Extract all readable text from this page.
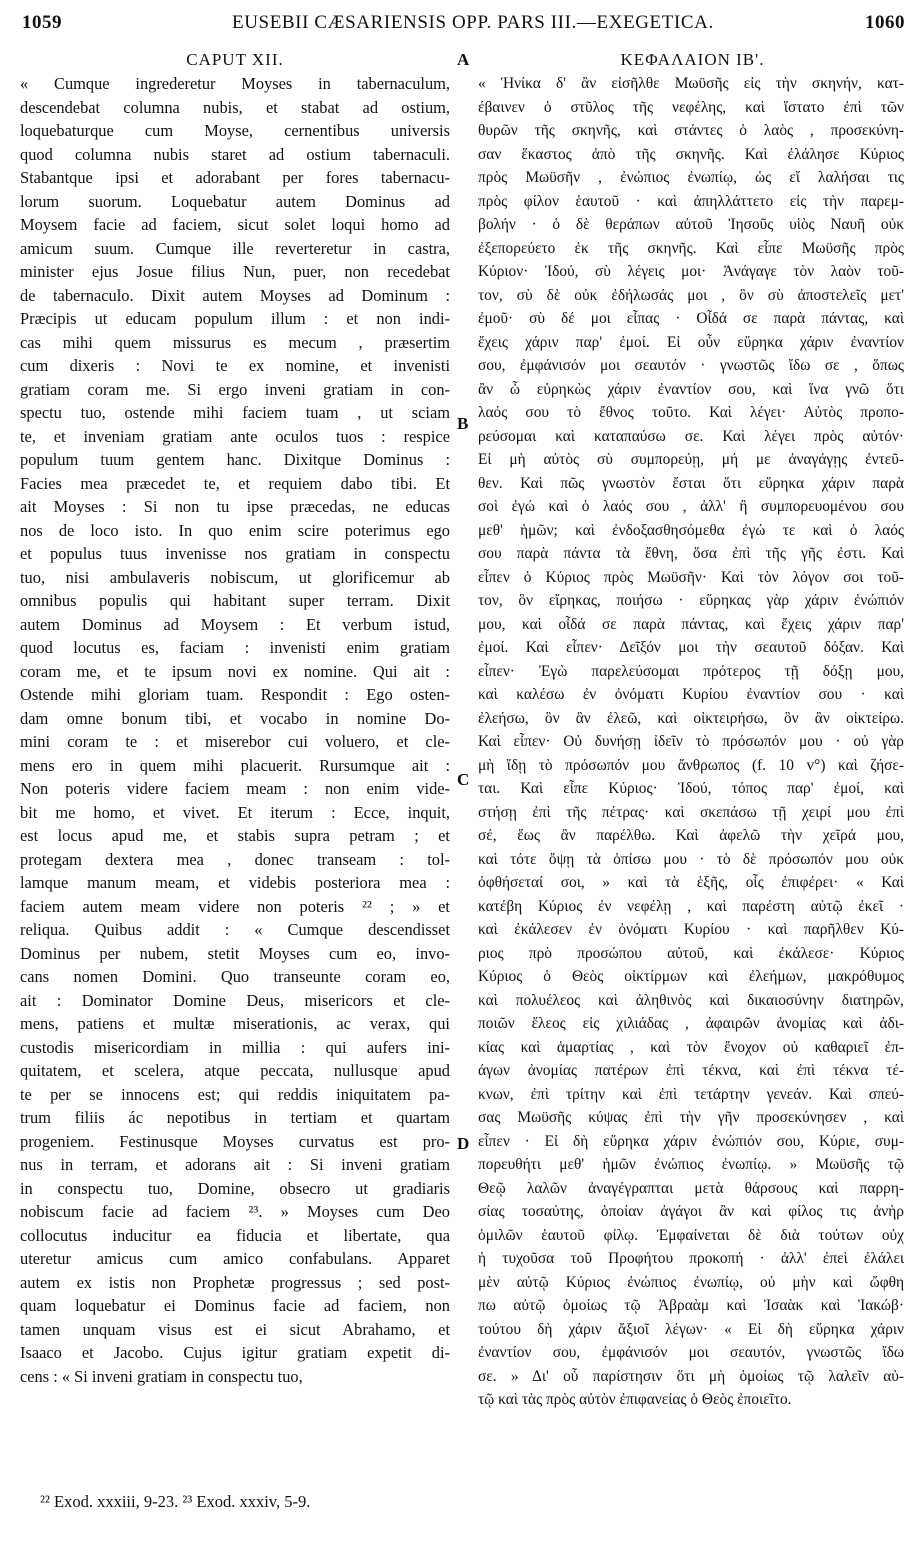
1059	EUSEBII CÆSARIENSIS OPP. PARS III.—EXEGETICA.	1060
CAPUT XII.	ΚΕΦΑΛΑΙΟΝ ΙΒ'.
A
B
C
D
« Cumque ingrederetur Moyses in tabernaculum,
descendebat columna nubis, et stabat ad ostium,
loquebaturque cum Moyse, cernentibus universis
quod columna nubis staret ad ostium tabernaculi.
Stabantque ipsi et adorabant per fores tabernacu-
lorum suorum. Loquebatur autem Dominus ad
Moysem facie ad faciem, sicut solet loqui homo ad
amicum suum. Cumque ille reverteretur in castra,
minister ejus Josue filius Nun, puer, non recedebat
de tabernaculo. Dixit autem Moyses ad Dominum :
Præcipis ut educam populum illum : et non indi-
cas mihi quem missurus es mecum , præsertim
cum dixeris : Novi te ex nomine, et invenisti
gratiam coram me. Si ergo inveni gratiam in con-
spectu tuo, ostende mihi faciem tuam , ut sciam
te, et inveniam gratiam ante oculos tuos : respice
populum tuum gentem hanc. Dixitque Dominus :
Facies mea præcedet te, et requiem dabo tibi. Et
ait Moyses : Si non tu ipse præcedas, ne educas
nos de loco isto. In quo enim scire poterimus ego
et populus tuus invenisse nos gratiam in conspectu
tuo, nisi ambulaveris nobiscum, ut glorificemur ab
omnibus populis qui habitant super terram. Dixit
autem Dominus ad Moysem : Et verbum istud,
quod locutus es, faciam : invenisti enim gratiam
coram me, et te ipsum novi ex nomine. Qui ait :
Ostende mihi gloriam tuam. Respondit : Ego osten-
dam omne bonum tibi, et vocabo in nomine Do-
mini coram te : et miserebor cui voluero, et cle-
mens ero in quem mihi placuerit. Rursumque ait :
Non poteris videre faciem meam : non enim vide-
bit me homo, et vivet. Et iterum : Ecce, inquit,
est locus apud me, et stabis supra petram ; et
protegam dextera mea , donec transeam : tol-
lamque manum meam, et videbis posteriora mea :
faciem autem meam videre non poteris ²² ; » et
reliqua. Quibus addit : « Cumque descendisset
Dominus per nubem, stetit Moyses cum eo, invo-
cans nomen Domini. Quo transeunte coram eo,
ait : Dominator Domine Deus, misericors et cle-
mens, patiens et multæ miserationis, ac verax, qui
custodis misericordiam in millia : qui aufers ini-
quitatem, et scelera, atque peccata, nullusque apud
te per se innocens est; qui reddis iniquitatem pa-
trum filiis ác nepotibus in tertiam et quartam
progeniem. Festinusque Moyses curvatus est pro-
nus in terram, et adorans ait : Si inveni gratiam
in conspectu tuo, Domine, obsecro ut gradiaris
nobiscum facie ad faciem ²³. » Moyses cum Deo
collocutus inducitur ea fiducia et libertate, qua
uteretur amicus cum amico confabulans. Apparet
autem ex istis non Prophetæ progressus ; sed post-
quam loquebatur ei Dominus facie ad faciem, non
tamen unquam visus est ei sicut Abrahamo, et
Isaaco et Jacobo. Cujus igitur gratiam expetit di-
cens : « Si inveni gratiam in conspectu tuo,
« Ἡνίκα δ' ἂν εἰσῆλθε Μωϋσῆς εἰς τὴν σκηνήν, κατ-
έβαινεν ὁ στῦλος τῆς νεφέλης, καὶ ἵστατο ἐπὶ τῶν
θυρῶν τῆς σκηνῆς, καὶ στάντες ὁ λαὸς , προσεκύνη-
σαν ἕκαστος ἀπὸ τῆς σκηνῆς. Καὶ ἐλάλησε Κύριος
πρὸς Μωϋσῆν , ἐνώπιος ἐνωπίῳ, ὡς εἴ λαλήσαι τις
πρὸς φίλον ἑαυτοῦ · καὶ ἀπηλλάττετο εἰς τὴν παρεμ-
βολήν · ὁ δὲ θεράπων αὐτοῦ Ἰησοῦς υἱὸς Ναυῆ οὐκ
ἐξεπορεύετο ἐκ τῆς σκηνῆς. Καὶ εἶπε Μωϋσῆς πρὸς
Κύριον· Ἰδού, σὺ λέγεις μοι· Ἀνάγαγε τὸν λαὸν τοῦ-
τον, σὺ δὲ οὐκ ἐδήλωσάς μοι , ὃν σὺ ἀποστελεῖς μετ'
ἐμοῦ· σὺ δέ μοι εἶπας · Οἶδά σε παρὰ πάντας, καὶ
ἔχεις χάριν παρ' ἐμοί. Εἰ οὖν εὕρηκα χάριν ἐναντίον
σου, ἐμφάνισόν μοι σεαυτόν · γνωστῶς ἴδω σε , ὅπως
ἂν ὦ εὑρηκὼς χάριν ἐναντίον σου, καὶ ἵνα γνῶ ὅτι
λαός σου τὸ ἔθνος τοῦτο. Καὶ λέγει· Αὐτὸς προπο-
ρεύσομαι καὶ καταπαύσω σε. Καὶ λέγει πρὸς αὐτόν·
Εἰ μὴ αὐτὸς σὺ συμπορεύῃ, μή με ἀναγάγῃς ἐντεῦ-
θεν. Καὶ πῶς γνωστὸν ἔσται ὅτι εὕρηκα χάριν παρὰ
σοὶ ἐγώ καὶ ὁ λαός σου , ἀλλ' ἢ συμπορευομένου σου
μεθ' ἡμῶν; καὶ ἐνδοξασθησόμεθα ἐγώ τε καὶ ὁ λαός
σου παρὰ πάντα τὰ ἔθνη, ὅσα ἐπὶ τῆς γῆς ἐστι. Καὶ
εἶπεν ὁ Κύριος πρὸς Μωϋσῆν· Καὶ τὸν λόγον σοι τοῦ-
τον, ὃν εἴρηκας, ποιήσω · εὕρηκας γὰρ χάριν ἐνώπιόν
μου, καὶ οἶδά σε παρὰ πάντας, καὶ ἔχεις χάριν παρ'
ἐμοί. Καὶ εἶπεν· Δεῖξόν μοι τὴν σεαυτοῦ δόξαν. Καὶ
εἶπεν· Ἐγὼ παρελεύσομαι πρότερος τῇ δόξῃ μου,
καὶ καλέσω ἐν ὀνόματι Κυρίου ἐναντίον σου · καὶ
ἐλεήσω, ὃν ἂν ἐλεῶ, καὶ οἰκτειρήσω, ὃν ἂν οἰκτείρω.
Καὶ εἶπεν· Οὐ δυνήσῃ ἰδεῖν τὸ πρόσωπόν μου · οὐ γὰρ
μὴ ἴδῃ τὸ πρόσωπόν μου ἄνθρωπος (f. 10 v°) καὶ ζήσε-
ται. Καὶ εἶπε Κύριος· Ἰδού, τόπος παρ' ἐμοί, καὶ
στήσῃ ἐπὶ τῆς πέτρας· καὶ σκεπάσω τῇ χειρί μου ἐπὶ
σέ, ἕως ἂν παρέλθω. Καὶ ἀφελῶ τὴν χεῖρά μου,
καὶ τότε ὄψῃ τὰ ὀπίσω μου · τὸ δὲ πρόσωπόν μου οὐκ
ὀφθήσεταί σοι, » καὶ τὰ ἑξῆς, οἷς ἐπιφέρει· « Καὶ
κατέβη Κύριος ἐν νεφέλῃ , καὶ παρέστη αὐτῷ ἐκεῖ ·
καὶ ἐκάλεσεν ἐν ὀνόματι Κυρίου · καὶ παρῆλθεν Κύ-
ριος πρὸ προσώπου αὐτοῦ, καὶ ἐκάλεσε· Κύριος
Κύριος ὁ Θεὸς οἰκτίρμων καὶ ἐλεήμων, μακρόθυμος
καὶ πολυέλεος καὶ ἀληθινὸς καὶ δικαιοσύνην διατηρῶν,
ποιῶν ἔλεος εἰς χιλιάδας , ἀφαιρῶν ἀνομίας καὶ ἀδι-
κίας καὶ ἁμαρτίας , καὶ τὸν ἔνοχον οὐ καθαριεῖ ἐπ-
άγων ἀνομίας πατέρων ἐπὶ τέκνα, καὶ ἐπὶ τέκνα τέ-
κνων, ἐπὶ τρίτην καὶ ἐπὶ τετάρτην γενεάν. Καὶ σπεύ-
σας Μωϋσῆς κύψας ἐπὶ τὴν γῆν προσεκύνησεν , καὶ
εἶπεν · Εἰ δὴ εὕρηκα χάριν ἐνώπιόν σου, Κύριε, συμ-
πορευθήτι μεθ' ἡμῶν ἐνώπιος ἐνωπίῳ. » Μωϋσῆς τῷ
Θεῷ λαλῶν ἀναγέγραπται μετὰ θάρσους καὶ παρρη-
σίας τοσαύτης, ὁποίαν ἀγάγοι ἂν καὶ φίλος τις ἀνὴρ
ὁμιλῶν ἑαυτοῦ φίλῳ. Ἐμφαίνεται δὲ διὰ τούτων οὐχ
ἡ τυχοῦσα τοῦ Προφήτου προκοπή · ἀλλ' ἐπεὶ ἐλάλει
μὲν αὐτῷ Κύριος ἐνώπιος ἐνωπίῳ, οὐ μὴν καὶ ὤφθη
πω αὐτῷ ὁμοίως τῷ Ἀβραὰμ καὶ Ἰσαὰκ καὶ Ἰακώβ·
τούτου δὴ χάριν ἄξιοῖ λέγων· « Εἰ δὴ εὕρηκα χάριν
ἐναντίον σου, ἐμφάνισόν μοι σεαυτόν, γνωστῶς ἴδω
σε. » Δι' οὗ παρίστησιν ὅτι μὴ ὁμοίως τῷ λαλεῖν αὐ-
τῷ καὶ τὰς πρὸς αὐτὸν ἐπιφανείας ὁ Θεὸς ἐποιεῖτο.
²² Exod. xxxiii, 9-23. ²³ Exod. xxxiv, 5-9.
